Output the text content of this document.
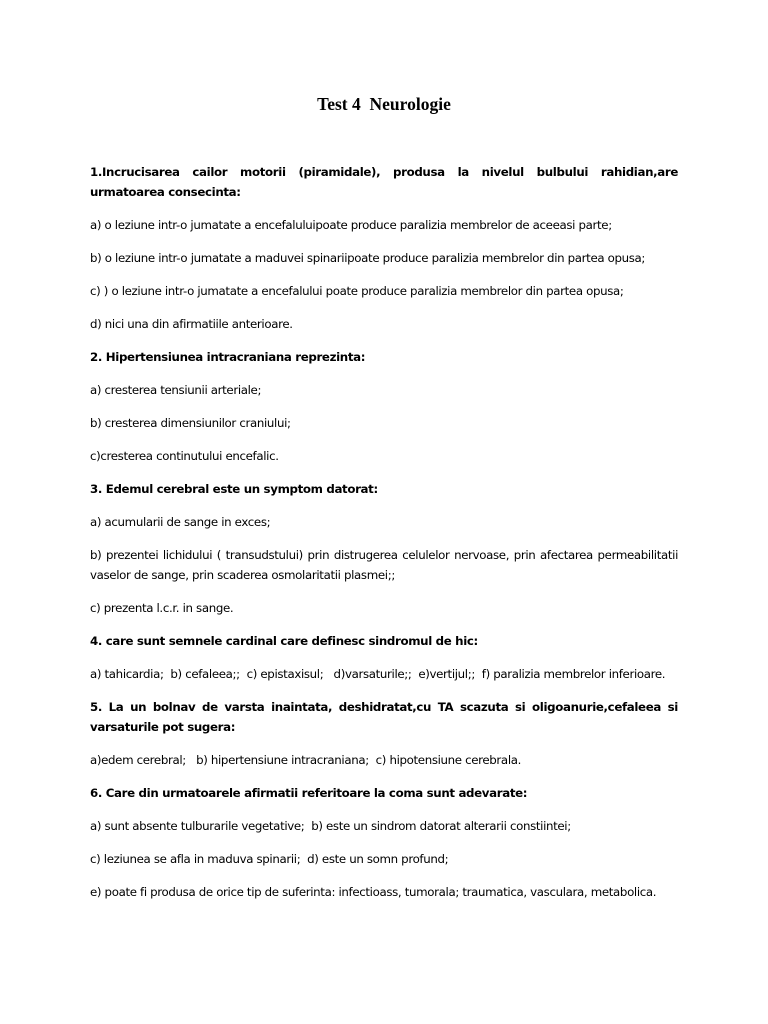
Test 4  Neurologie

1.Incrucisarea cailor motorii (piramidale), produsa la nivelul bulbului rahidian,are urmatoarea consecinta:

a) o leziune intr-o jumatate a encefaluluipoate produce paralizia membrelor de aceeasi parte;

b) o leziune intr-o jumatate a maduvei spinariipoate produce paralizia membrelor din partea opusa;

c) ) o leziune intr-o jumatate a encefalului poate produce paralizia membrelor din partea opusa;

d) nici una din afirmatiile anterioare.

2. Hipertensiunea intracraniana reprezinta:

a) cresterea tensiunii arteriale;

b) cresterea dimensiunilor craniului;

c)cresterea continutului encefalic.

3. Edemul cerebral este un symptom datorat:

a) acumularii de sange in exces;

b) prezentei lichidului ( transudstului) prin distrugerea celulelor nervoase, prin afectarea permeabilitatii vaselor de sange, prin scaderea osmolaritatii plasmei;;

c) prezenta l.c.r. in sange.

4. care sunt semnele cardinal care definesc sindromul de hic:

a) tahicardia;  b) cefaleea;;  c) epistaxisul;   d)varsaturile;;  e)vertijul;;  f) paralizia membrelor inferioare.

5. La un bolnav de varsta inaintata, deshidratat,cu TA scazuta si oligoanurie,cefaleea si varsaturile pot sugera:

a)edem cerebral;   b) hipertensiune intracraniana;  c) hipotensiune cerebrala.

6. Care din urmatoarele afirmatii referitoare la coma sunt adevarate:

a) sunt absente tulburarile vegetative;  b) este un sindrom datorat alterarii constiintei;

c) leziunea se afla in maduva spinarii;  d) este un somn profund;

e) poate fi produsa de orice tip de suferinta: infectioass, tumorala; traumatica, vasculara, metabolica.
